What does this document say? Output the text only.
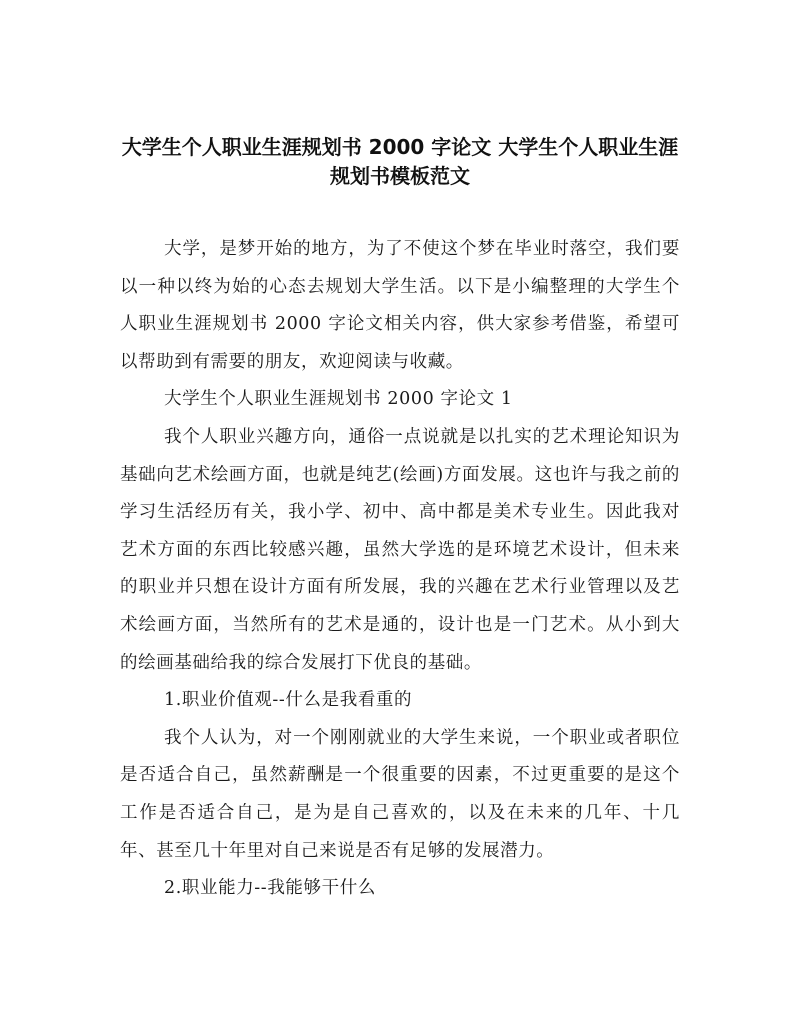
大学生个人职业生涯规划书 2000 字论文 大学生个人职业生涯
规划书模板范文

大学，是梦开始的地方，为了不使这个梦在毕业时落空，我们要以一种以终为始的心态去规划大学生活。以下是小编整理的大学生个人职业生涯规划书 2000 字论文相关内容，供大家参考借鉴，希望可以帮助到有需要的朋友，欢迎阅读与收藏。

大学生个人职业生涯规划书 2000 字论文 1

我个人职业兴趣方向，通俗一点说就是以扎实的艺术理论知识为基础向艺术绘画方面，也就是纯艺(绘画)方面发展。这也许与我之前的学习生活经历有关，我小学、初中、高中都是美术专业生。因此我对艺术方面的东西比较感兴趣，虽然大学选的是环境艺术设计，但未来的职业并只想在设计方面有所发展，我的兴趣在艺术行业管理以及艺术绘画方面，当然所有的艺术是通的，设计也是一门艺术。从小到大的绘画基础给我的综合发展打下优良的基础。

1.职业价值观--什么是我看重的

我个人认为，对一个刚刚就业的大学生来说，一个职业或者职位是否适合自己，虽然薪酬是一个很重要的因素，不过更重要的是这个工作是否适合自己，是为是自己喜欢的，以及在未来的几年、十几年、甚至几十年里对自己来说是否有足够的发展潜力。

2.职业能力--我能够干什么
